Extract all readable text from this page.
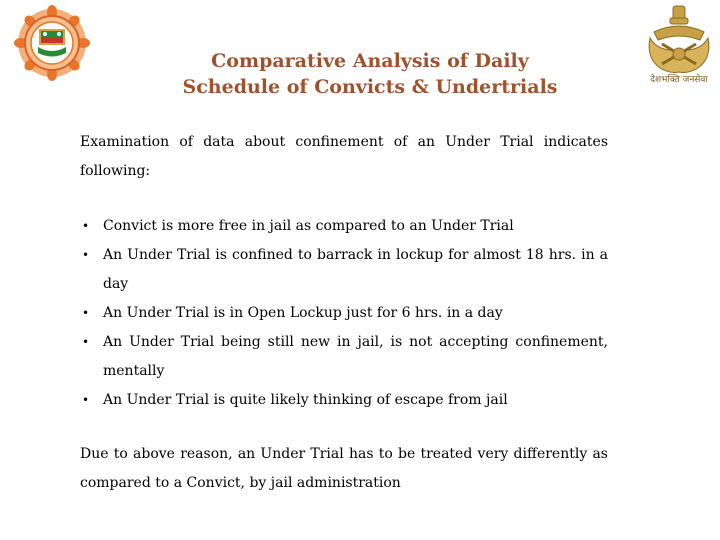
देशभक्ति जनसेवा
Comparative Analysis of Daily
Schedule of Convicts & Undertrials
Examination of data about confinement of an Under Trial indicates following:
• Convict is more free in jail as compared to an Under Trial
• An Under Trial is confined to barrack in lockup for almost 18 hrs. in a day
• An Under Trial is in Open Lockup just for 6 hrs. in a day
• An Under Trial being still new in jail, is not accepting confinement, mentally
• An Under Trial is quite likely thinking of escape from jail
Due to above reason, an Under Trial has to be treated very differently as compared to a Convict, by jail administration
